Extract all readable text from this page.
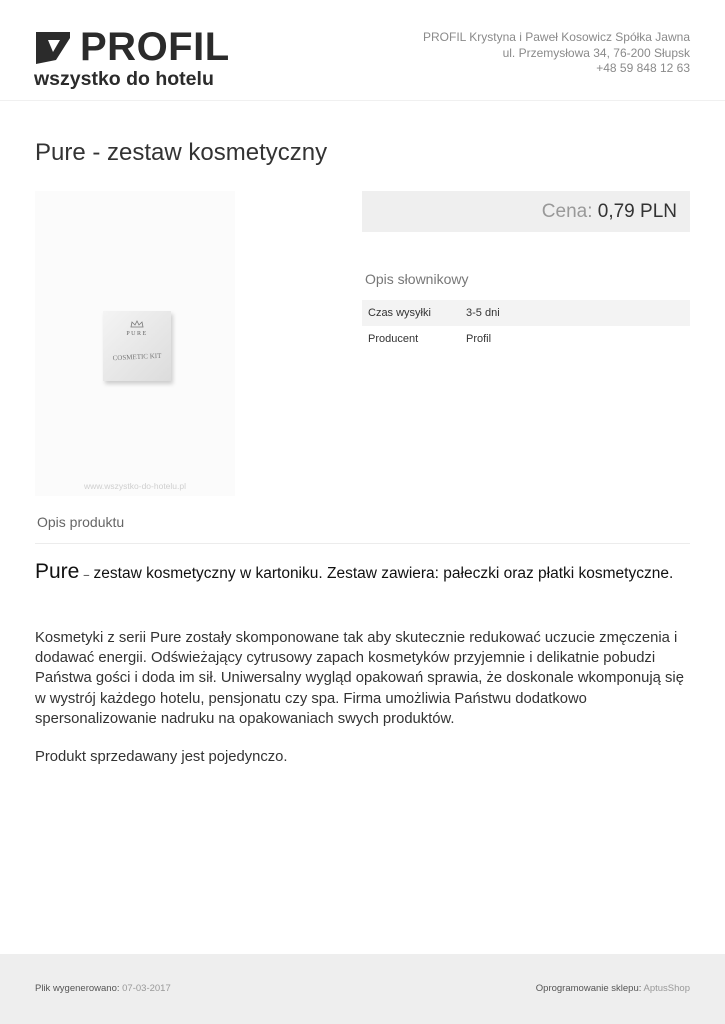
PROFIL
wszystko do hotelu
PROFIL Krystyna i Paweł Kosowicz Spółka Jawna
ul. Przemysłowa 34, 76-200 Słupsk
+48 59 848 12 63
Pure - zestaw kosmetyczny
PURE
COSMETIC KIT
www.wszystko-do-hotelu.pl
Cena: 0,79 PLN
Opis słownikowy
Czas wysyłki	3-5 dni
Producent	Profil
Opis produktu
Pure – zestaw kosmetyczny w kartoniku. Zestaw zawiera: pałeczki oraz płatki kosmetyczne.

Kosmetyki z serii Pure zostały skomponowane tak aby skutecznie redukować uczucie zmęczenia i dodawać energii. Odświeżający cytrusowy zapach kosmetyków przyjemnie i delikatnie pobudzi Państwa gości i doda im sił. Uniwersalny wygląd opakowań sprawia, że doskonale wkomponują się w wystrój każdego hotelu, pensjonatu czy spa. Firma umożliwia Państwu dodatkowo spersonalizowanie nadruku na opakowaniach swych produktów.

Produkt sprzedawany jest pojedynczo.

Plik wygenerowano: 07-03-2017	Oprogramowanie sklepu: AptusShop
